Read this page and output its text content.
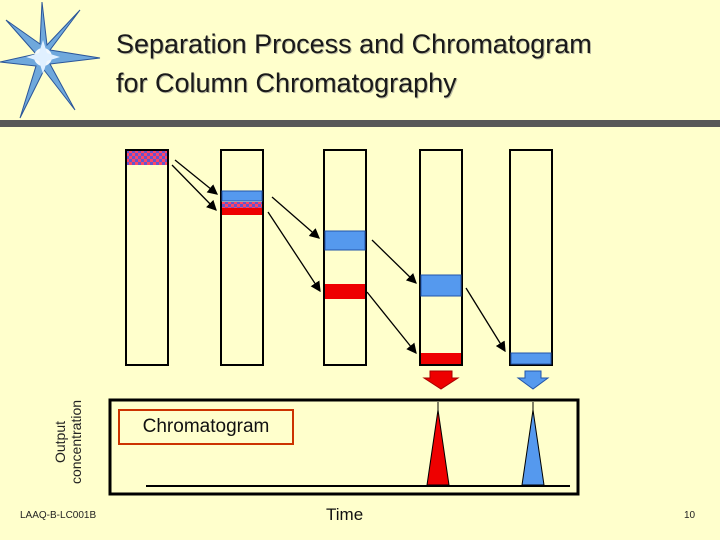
Separation Process and Chromatogram
for Column Chromatography
Output concentration	Chromatogram
Time
LAAQ-B-LC001B	10
